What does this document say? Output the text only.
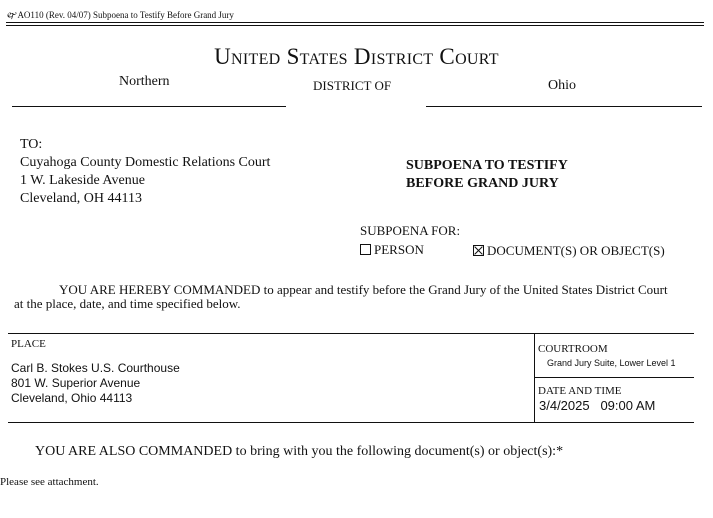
🙰AO110 (Rev. 04/07) Subpoena to Testify Before Grand Jury
United States District Court
Northern	DISTRICT OF	Ohio
TO:
Cuyahoga County Domestic Relations Court
1 W. Lakeside Avenue
Cleveland, OH 44113
SUBPOENA TO TESTIFY
BEFORE GRAND JURY
SUBPOENA FOR:
PERSON	DOCUMENT(S) OR OBJECT(S)
YOU ARE HEREBY COMMANDED to appear and testify before the Grand Jury of the United States District Court
at the place, date, and time specified below.
PLACE
Carl B. Stokes U.S. Courthouse
801 W. Superior Avenue
Cleveland, Ohio 44113
COURTROOM
Grand Jury Suite, Lower Level 1
DATE AND TIME
3/4/2025   09:00 AM
YOU ARE ALSO COMMANDED to bring with you the following document(s) or object(s):*
Please see attachment.
